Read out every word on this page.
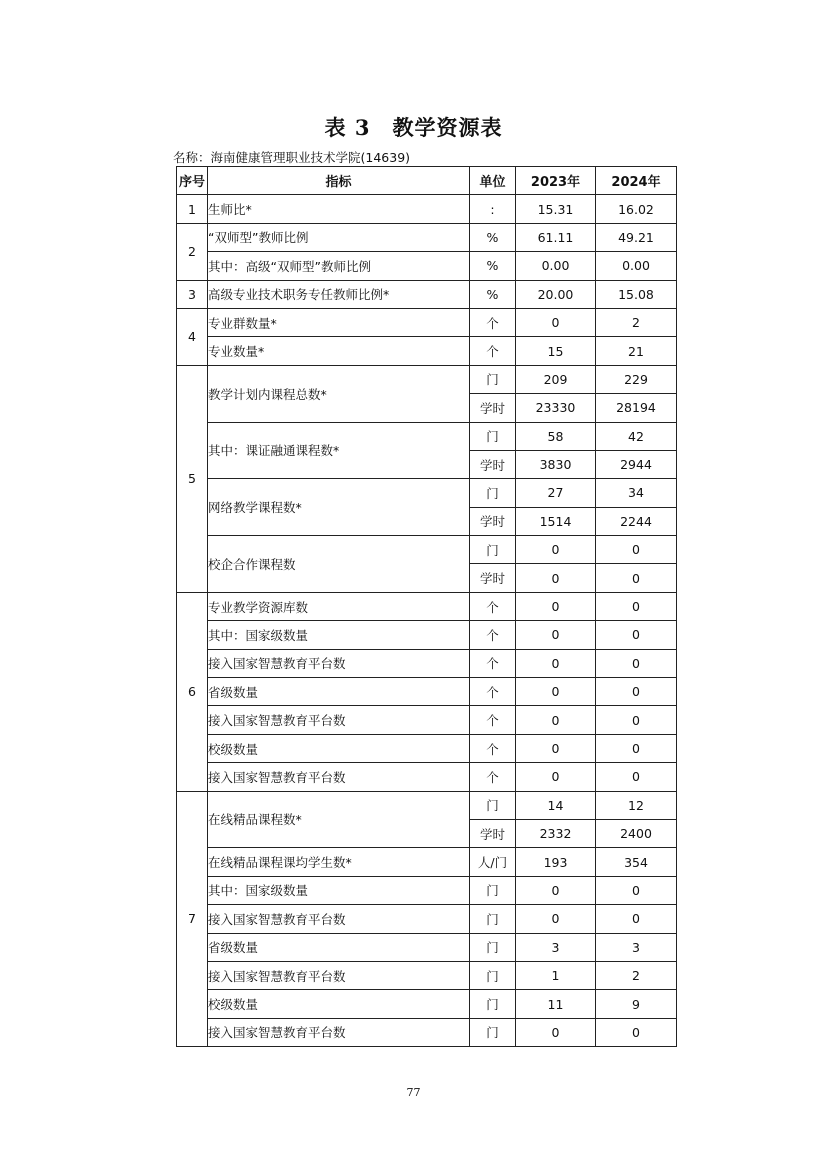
表 3　教学资源表
名称：海南健康管理职业技术学院(14639)
序号	指标	单位	2023年	2024年
1	生师比*	:	15.31	16.02
2	“双师型”教师比例	%	61.11	49.21
	其中：高级“双师型”教师比例	%	0.00	0.00
3	高级专业技术职务专任教师比例*	%	20.00	15.08
4	专业群数量*	个	0	2
	专业数量*	个	15	21
5	教学计划内课程总数*	门	209	229
		学时	23330	28194
	其中：课证融通课程数*	门	58	42
		学时	3830	2944
	网络教学课程数*	门	27	34
		学时	1514	2244
	校企合作课程数	门	0	0
		学时	0	0
6	专业教学资源库数	个	0	0
	其中：国家级数量	个	0	0
	接入国家智慧教育平台数	个	0	0
	省级数量	个	0	0
	接入国家智慧教育平台数	个	0	0
	校级数量	个	0	0
	接入国家智慧教育平台数	个	0	0
7	在线精品课程数*	门	14	12
		学时	2332	2400
	在线精品课程课均学生数*	人/门	193	354
	其中：国家级数量	门	0	0
	接入国家智慧教育平台数	门	0	0
	省级数量	门	3	3
	接入国家智慧教育平台数	门	1	2
	校级数量	门	11	9
	接入国家智慧教育平台数	门	0	0
77
